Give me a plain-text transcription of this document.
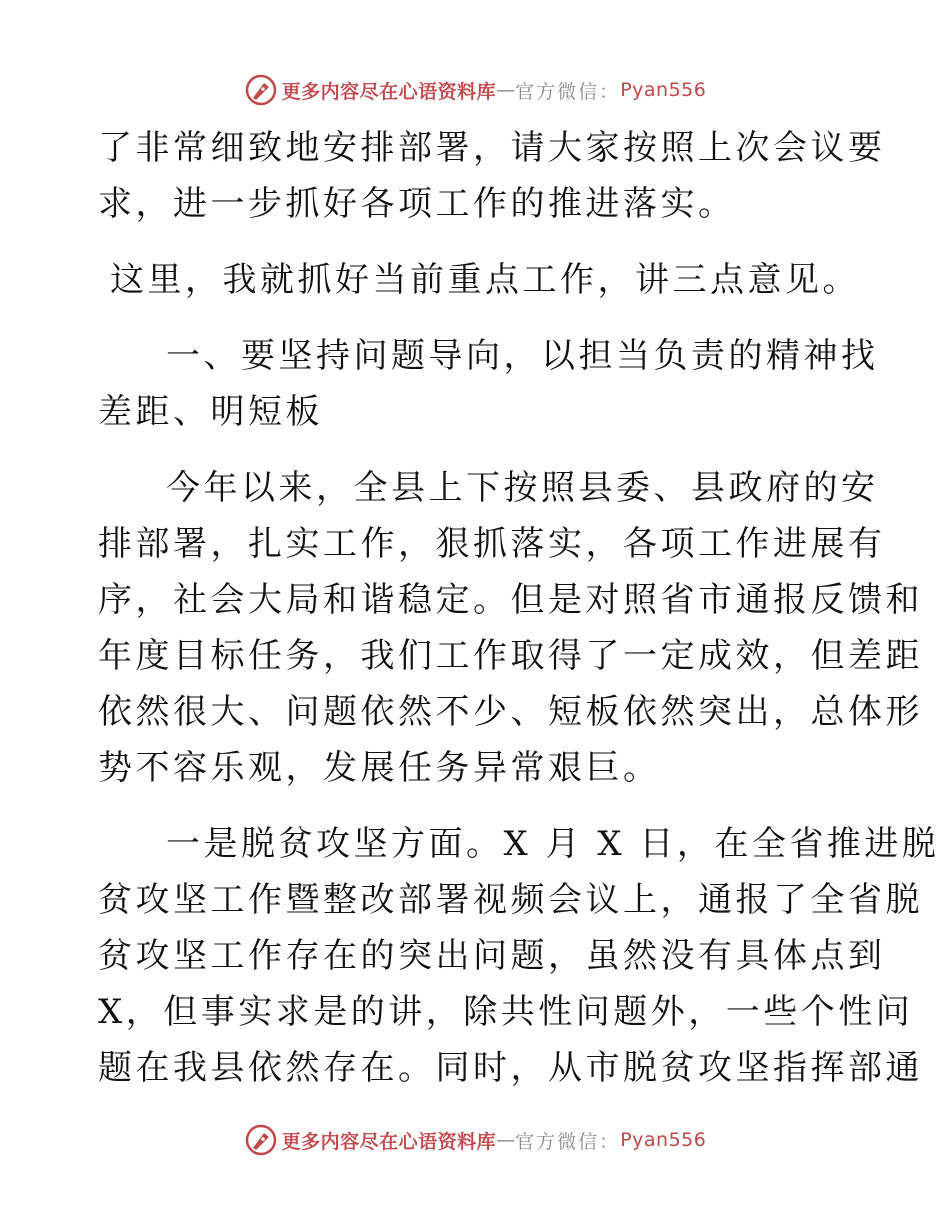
更多内容尽在心语资料库 — 官方微信： Pyan556

了非常细致地安排部署，请大家按照上次会议要
求，进一步抓好各项工作的推进落实。

这里，我就抓好当前重点工作，讲三点意见。

一、要坚持问题导向，以担当负责的精神找
差距、明短板

今年以来，全县上下按照县委、县政府的安
排部署，扎实工作，狠抓落实，各项工作进展有
序，社会大局和谐稳定。但是对照省市通报反馈和
年度目标任务，我们工作取得了一定成效，但差距
依然很大、问题依然不少、短板依然突出，总体形
势不容乐观，发展任务异常艰巨。

一是脱贫攻坚方面。X 月 X 日，在全省推进脱
贫攻坚工作暨整改部署视频会议上，通报了全省脱
贫攻坚工作存在的突出问题，虽然没有具体点到
X，但事实求是的讲，除共性问题外，一些个性问
题在我县依然存在。同时，从市脱贫攻坚指挥部通

更多内容尽在心语资料库 — 官方微信： Pyan556
